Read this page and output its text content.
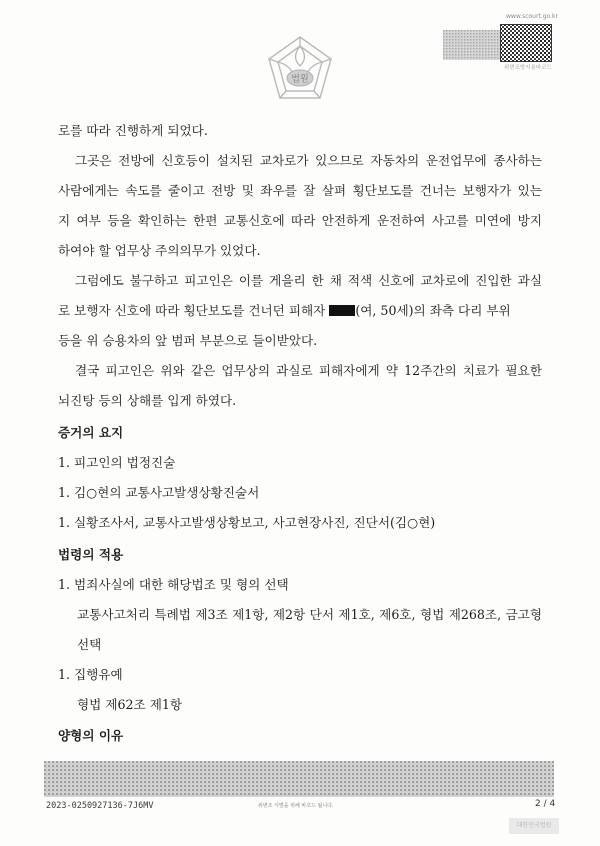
법원
www.scourt.go.kr
위변조방지용바코드
로를 따라 진행하게 되었다.
그곳은 전방에 신호등이 설치된 교차로가 있으므로 자동차의 운전업무에 종사하는
사람에게는 속도를 줄이고 전방 및 좌우를 잘 살펴 횡단보도를 건너는 보행자가 있는
지 여부 등을 확인하는 한편 교통신호에 따라 안전하게 운전하여 사고를 미연에 방지
하여야 할 업무상 주의의무가 있었다.
그럼에도 불구하고 피고인은 이를 게을리 한 채 적색 신호에 교차로에 진입한 과실
로 보행자 신호에 따라 횡단보도를 건너던 피해자 (여, 50세)의 좌측 다리 부위
등을 위 승용차의 앞 범퍼 부분으로 들이받았다.
결국 피고인은 위와 같은 업무상의 과실로 피해자에게 약 12주간의 치료가 필요한
뇌진탕 등의 상해를 입게 하였다.
증거의 요지
1. 피고인의 법정진술
1. 김○현의 교통사고발생상황진술서
1. 실황조사서, 교통사고발생상황보고, 사고현장사진, 진단서(김○현)
법령의 적용
1. 범죄사실에 대한 해당법조 및 형의 선택
교통사고처리 특례법 제3조 제1항, 제2항 단서 제1호, 제6호, 형법 제268조, 금고형
선택
1. 집행유예
형법 제62조 제1항
양형의 이유
2023-0250927136-7J6MV	위변조 식별을 위해 바코드 됩니다.	2 / 4
대한민국법원
